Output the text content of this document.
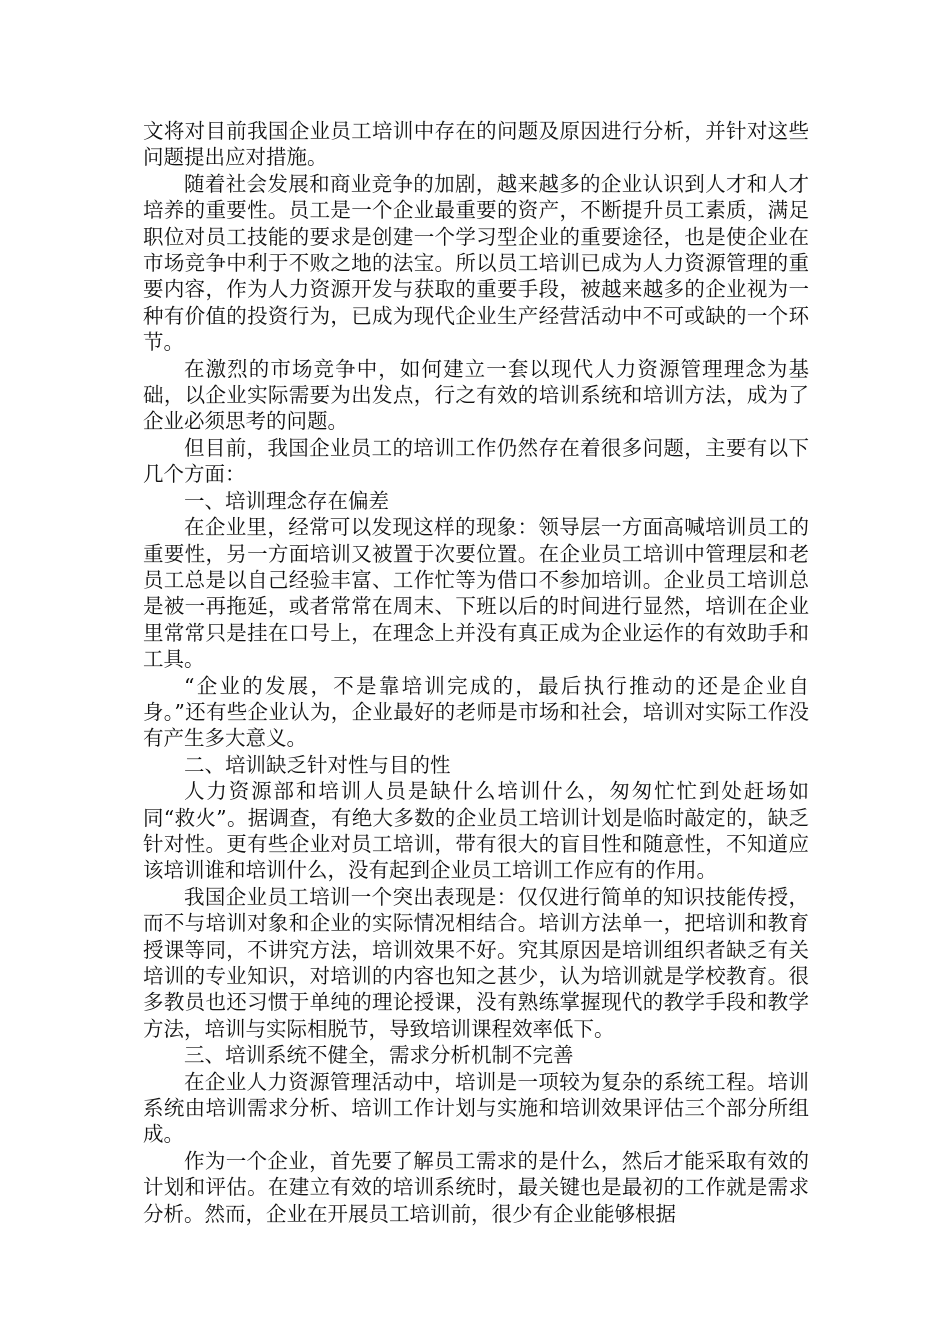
文将对目前我国企业员工培训中存在的问题及原因进行分析，并针对这些问题提出应对措施。

随着社会发展和商业竞争的加剧，越来越多的企业认识到人才和人才培养的重要性。员工是一个企业最重要的资产，不断提升员工素质，满足职位对员工技能的要求是创建一个学习型企业的重要途径，也是使企业在市场竞争中利于不败之地的法宝。所以员工培训已成为人力资源管理的重要内容，作为人力资源开发与获取的重要手段，被越来越多的企业视为一种有价值的投资行为，已成为现代企业生产经营活动中不可或缺的一个环节。

在激烈的市场竞争中，如何建立一套以现代人力资源管理理念为基础，以企业实际需要为出发点，行之有效的培训系统和培训方法，成为了企业必须思考的问题。

但目前，我国企业员工的培训工作仍然存在着很多问题，主要有以下几个方面：

一、培训理念存在偏差

在企业里，经常可以发现这样的现象：领导层一方面高喊培训员工的重要性，另一方面培训又被置于次要位置。在企业员工培训中管理层和老员工总是以自己经验丰富、工作忙等为借口不参加培训。企业员工培训总是被一再拖延，或者常常在周末、下班以后的时间进行显然，培训在企业里常常只是挂在口号上，在理念上并没有真正成为企业运作的有效助手和工具。

“企业的发展，不是靠培训完成的，最后执行推动的还是企业自身。”还有些企业认为，企业最好的老师是市场和社会，培训对实际工作没有产生多大意义。

二、培训缺乏针对性与目的性

人力资源部和培训人员是缺什么培训什么，匆匆忙忙到处赶场如同“救火”。据调查，有绝大多数的企业员工培训计划是临时敲定的，缺乏针对性。更有些企业对员工培训，带有很大的盲目性和随意性，不知道应该培训谁和培训什么，没有起到企业员工培训工作应有的作用。

我国企业员工培训一个突出表现是：仅仅进行简单的知识技能传授，而不与培训对象和企业的实际情况相结合。培训方法单一，把培训和教育授课等同，不讲究方法，培训效果不好。究其原因是培训组织者缺乏有关培训的专业知识，对培训的内容也知之甚少，认为培训就是学校教育。很多教员也还习惯于单纯的理论授课，没有熟练掌握现代的教学手段和教学方法，培训与实际相脱节，导致培训课程效率低下。

三、培训系统不健全，需求分析机制不完善

在企业人力资源管理活动中，培训是一项较为复杂的系统工程。培训系统由培训需求分析、培训工作计划与实施和培训效果评估三个部分所组成。

作为一个企业，首先要了解员工需求的是什么，然后才能采取有效的计划和评估。在建立有效的培训系统时，最关键也是最初的工作就是需求分析。然而，企业在开展员工培训前，很少有企业能够根据
